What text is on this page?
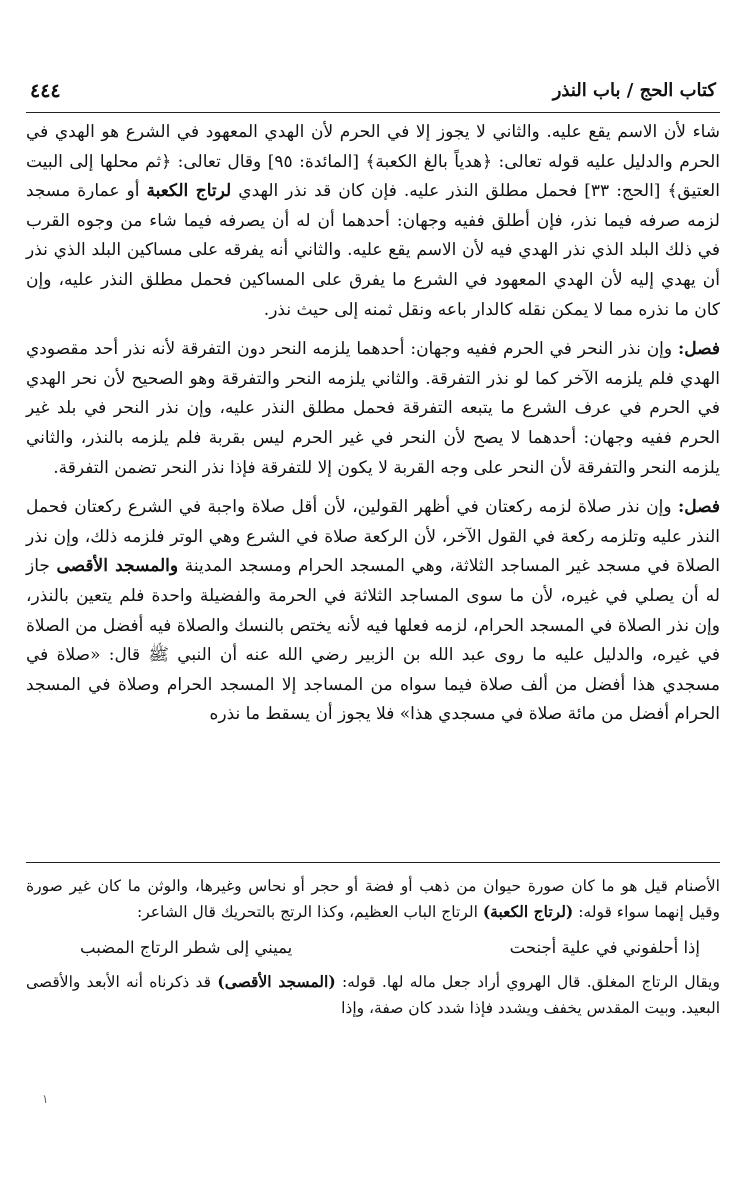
٤٤٤	كتاب الحج / باب النذر

شاء لأن الاسم يقع عليه. والثاني لا يجوز إلا في الحرم لأن الهدي المعهود في الشرع هو الهدي في الحرم والدليل عليه قوله تعالى: ﴿هدياً بالغ الكعبة﴾ [المائدة: ٩٥] وقال تعالى: ﴿ثم محلها إلى البيت العتيق﴾ [الحج: ٣٣] فحمل مطلق النذر عليه. فإن كان قد نذر الهدي لرتاج الكعبة أو عمارة مسجد لزمه صرفه فيما نذر، فإن أطلق ففيه وجهان: أحدهما أن له أن يصرفه فيما شاء من وجوه القرب في ذلك البلد الذي نذر الهدي فيه لأن الاسم يقع عليه. والثاني أنه يفرقه على مساكين البلد الذي نذر أن يهدي إليه لأن الهدي المعهود في الشرع ما يفرق على المساكين فحمل مطلق النذر عليه، وإن كان ما نذره مما لا يمكن نقله كالدار باعه ونقل ثمنه إلى حيث نذر.

فصل: وإن نذر النحر في الحرم ففيه وجهان: أحدهما يلزمه النحر دون التفرقة لأنه نذر أحد مقصودي الهدي فلم يلزمه الآخر كما لو نذر التفرقة. والثاني يلزمه النحر والتفرقة وهو الصحيح لأن نحر الهدي في الحرم في عرف الشرع ما يتبعه التفرقة فحمل مطلق النذر عليه، وإن نذر النحر في بلد غير الحرم ففيه وجهان: أحدهما لا يصح لأن النحر في غير الحرم ليس بقربة فلم يلزمه بالنذر، والثاني يلزمه النحر والتفرقة لأن النحر على وجه القربة لا يكون إلا للتفرقة فإذا نذر النحر تضمن التفرقة.

فصل: وإن نذر صلاة لزمه ركعتان في أظهر القولين، لأن أقل صلاة واجبة في الشرع ركعتان فحمل النذر عليه وتلزمه ركعة في القول الآخر، لأن الركعة صلاة في الشرع وهي الوتر فلزمه ذلك، وإن نذر الصلاة في مسجد غير المساجد الثلاثة، وهي المسجد الحرام ومسجد المدينة والمسجد الأقصى جاز له أن يصلي في غيره، لأن ما سوى المساجد الثلاثة في الحرمة والفضيلة واحدة فلم يتعين بالنذر، وإن نذر الصلاة في المسجد الحرام، لزمه فعلها فيه لأنه يختص بالنسك والصلاة فيه أفضل من الصلاة في غيره، والدليل عليه ما روى عبد الله بن الزبير رضي الله عنه أن النبي ﷺ قال: «صلاة في مسجدي هذا أفضل من ألف صلاة فيما سواه من المساجد إلا المسجد الحرام وصلاة في المسجد الحرام أفضل من مائة صلاة في مسجدي هذا» فلا يجوز أن يسقط ما نذره

الأصنام قيل هو ما كان صورة حيوان من ذهب أو فضة أو حجر أو نحاس وغيرها، والوثن ما كان غير صورة وقيل إنهما سواء قوله: (لرتاج الكعبة) الرتاج الباب العظيم، وكذا الرتج بالتحريك قال الشاعر:

إذا أحلفوني في علية أجنحت
يميني إلى شطر الرتاج المضبب

ويقال الرتاج المغلق. قال الهروي أراد جعل ماله لها. قوله: (المسجد الأقصى) قد ذكرناه أنه الأبعد والأقصى البعيد. وبيت المقدس يخفف ويشدد فإذا شدد كان صفة، وإذا

١
